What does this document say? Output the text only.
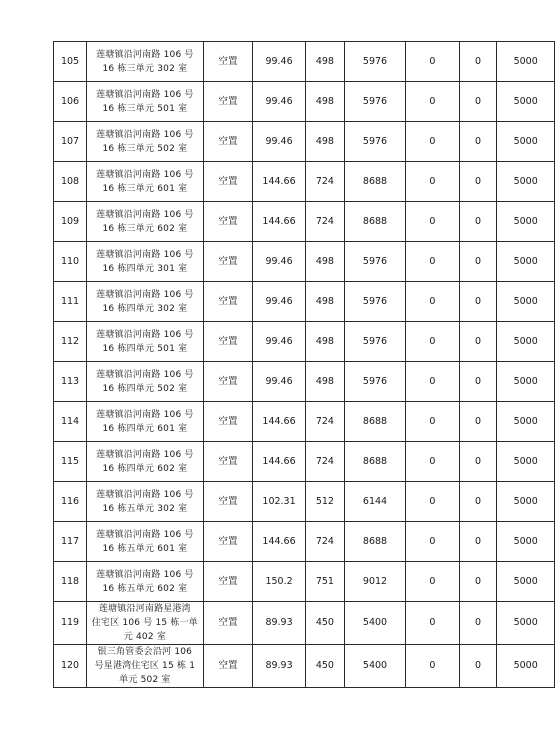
105	莲塘镇沿河南路 106 号
16 栋三单元 302 室	空置	99.46	498	5976	0	0	5000
106	莲塘镇沿河南路 106 号
16 栋三单元 501 室	空置	99.46	498	5976	0	0	5000
107	莲塘镇沿河南路 106 号
16 栋三单元 502 室	空置	99.46	498	5976	0	0	5000
108	莲塘镇沿河南路 106 号
16 栋三单元 601 室	空置	144.66	724	8688	0	0	5000
109	莲塘镇沿河南路 106 号
16 栋三单元 602 室	空置	144.66	724	8688	0	0	5000
110	莲塘镇沿河南路 106 号
16 栋四单元 301 室	空置	99.46	498	5976	0	0	5000
111	莲塘镇沿河南路 106 号
16 栋四单元 302 室	空置	99.46	498	5976	0	0	5000
112	莲塘镇沿河南路 106 号
16 栋四单元 501 室	空置	99.46	498	5976	0	0	5000
113	莲塘镇沿河南路 106 号
16 栋四单元 502 室	空置	99.46	498	5976	0	0	5000
114	莲塘镇沿河南路 106 号
16 栋四单元 601 室	空置	144.66	724	8688	0	0	5000
115	莲塘镇沿河南路 106 号
16 栋四单元 602 室	空置	144.66	724	8688	0	0	5000
116	莲塘镇沿河南路 106 号
16 栋五单元 302 室	空置	102.31	512	6144	0	0	5000
117	莲塘镇沿河南路 106 号
16 栋五单元 601 室	空置	144.66	724	8688	0	0	5000
118	莲塘镇沿河南路 106 号
16 栋五单元 602 室	空置	150.2	751	9012	0	0	5000
119	莲塘镇沿河南路星港湾
住宅区 106 号 15 栋一单
元 402 室	空置	89.93	450	5400	0	0	5000
120	银三角管委会沿河 106
号星港湾住宅区 15 栋 1
单元 502 室	空置	89.93	450	5400	0	0	5000
